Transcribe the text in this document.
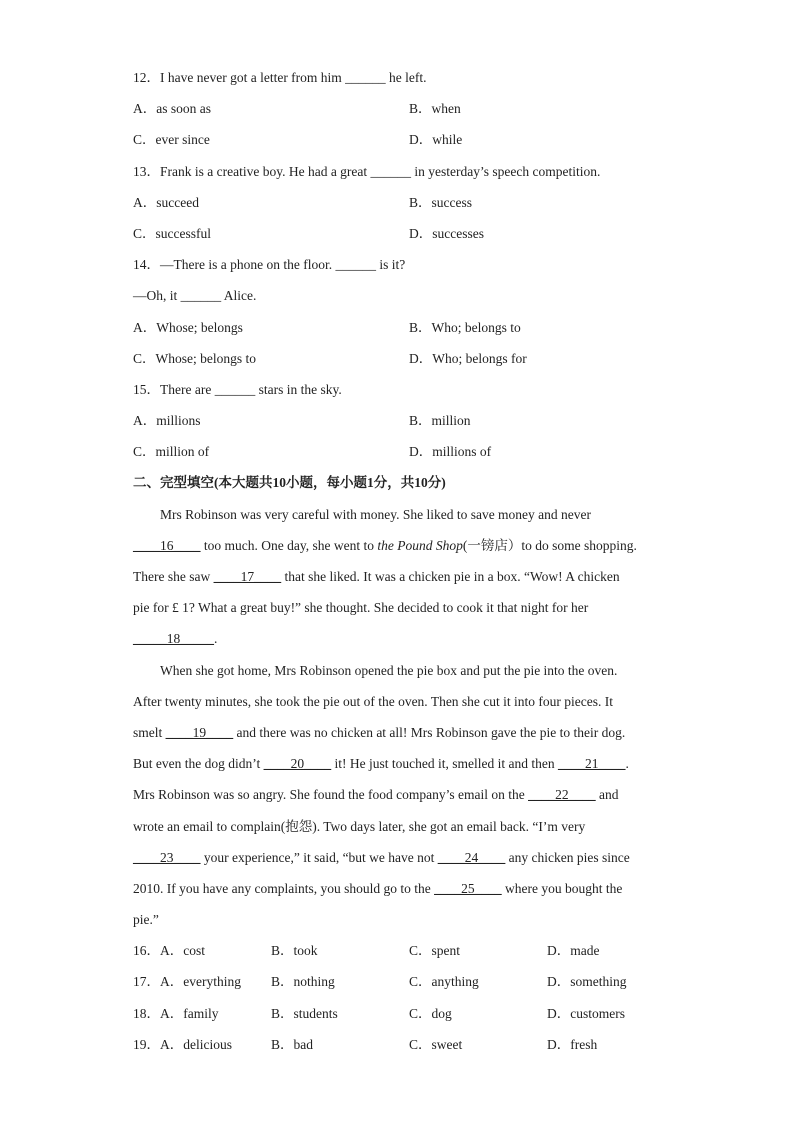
12．I have never got a letter from him ______ he left.
A．as soon as	B．when
C．ever since	D．while
13．Frank is a creative boy. He had a great ______ in yesterday’s speech competition.
A．succeed	B．success
C．successful	D．successes
14．—There is a phone on the floor. ______ is it?
—Oh, it ______ Alice.
A．Whose; belongs	B．Who; belongs to
C．Whose; belongs to	D．Who; belongs for
15．There are ______ stars in the sky.
A．millions	B．million
C．million of	D．millions of
二、完型填空(本大题共10小题，每小题1分，共10分)
Mrs Robinson was very careful with money. She liked to save money and never
____16____ too much. One day, she went to the Pound Shop(一镑店）to do some shopping.
There she saw ____17____ that she liked. It was a chicken pie in a box. “Wow! A chicken
pie for £ 1? What a great buy!” she thought. She decided to cook it that night for her
_____18_____.
When she got home, Mrs Robinson opened the pie box and put the pie into the oven.
After twenty minutes, she took the pie out of the oven. Then she cut it into four pieces. It
smelt ____19____ and there was no chicken at all! Mrs Robinson gave the pie to their dog.
But even the dog didn’t ____20____ it! He just touched it, smelled it and then ____21____.
Mrs Robinson was so angry. She found the food company’s email on the ____22____ and
wrote an email to complain(抱怨). Two days later, she got an email back. “I’m very
____23____ your experience,” it said, “but we have not ____24____ any chicken pies since
2010. If you have any complaints, you should go to the ____25____ where you bought the
pie.”
16．A．cost	B．took	C．spent	D．made
17．A．everything	B．nothing	C．anything	D．something
18．A．family	B．students	C．dog	D．customers
19．A．delicious	B．bad	C．sweet	D．fresh
